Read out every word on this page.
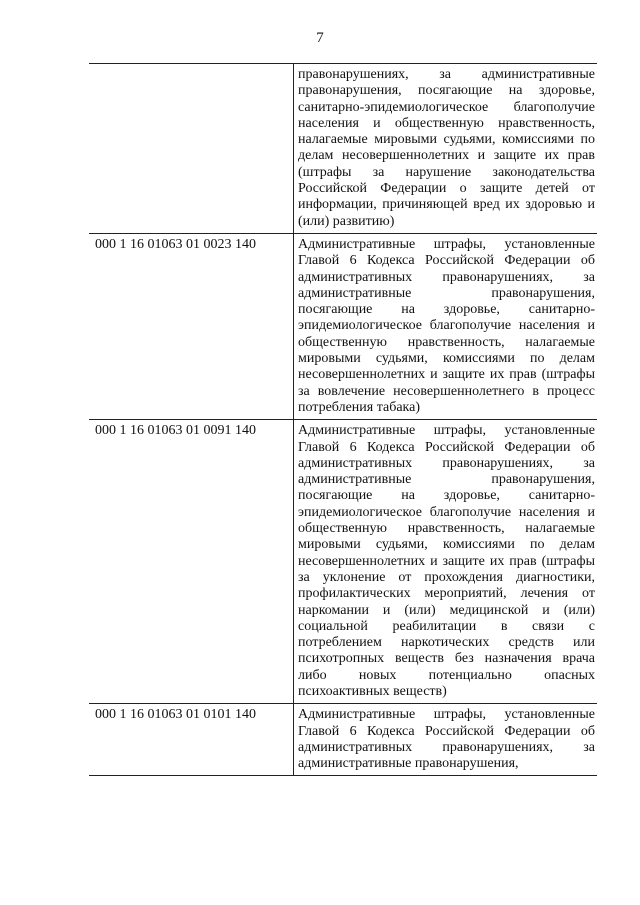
7
	правонарушениях, за административные правонарушения, посягающие на здоровье, санитарно-эпидемиологическое благополучие населения и общественную нравственность, налагаемые мировыми судьями, комиссиями по делам несовершеннолетних и защите их прав (штрафы за нарушение законодательства Российской Федерации о защите детей от информации, причиняющей вред их здоровью и (или) развитию)
000 1 16 01063 01 0023 140	Административные штрафы, установленные Главой 6 Кодекса Российской Федерации об административных правонарушениях, за административные правонарушения, посягающие на здоровье, санитарно-эпидемиологическое благополучие населения и общественную нравственность, налагаемые мировыми судьями, комиссиями по делам несовершеннолетних и защите их прав (штрафы за вовлечение несовершеннолетнего в процесс потребления табака)
000 1 16 01063 01 0091 140	Административные штрафы, установленные Главой 6 Кодекса Российской Федерации об административных правонарушениях, за административные правонарушения, посягающие на здоровье, санитарно-эпидемиологическое благополучие населения и общественную нравственность, налагаемые мировыми судьями, комиссиями по делам несовершеннолетних и защите их прав (штрафы за уклонение от прохождения диагностики, профилактических мероприятий, лечения от наркомании и (или) медицинской и (или) социальной реабилитации в связи с потреблением наркотических средств или психотропных веществ без назначения врача либо новых потенциально опасных психоактивных веществ)
000 1 16 01063 01 0101 140	Административные штрафы, установленные Главой 6 Кодекса Российской Федерации об административных правонарушениях, за административные правонарушения,
